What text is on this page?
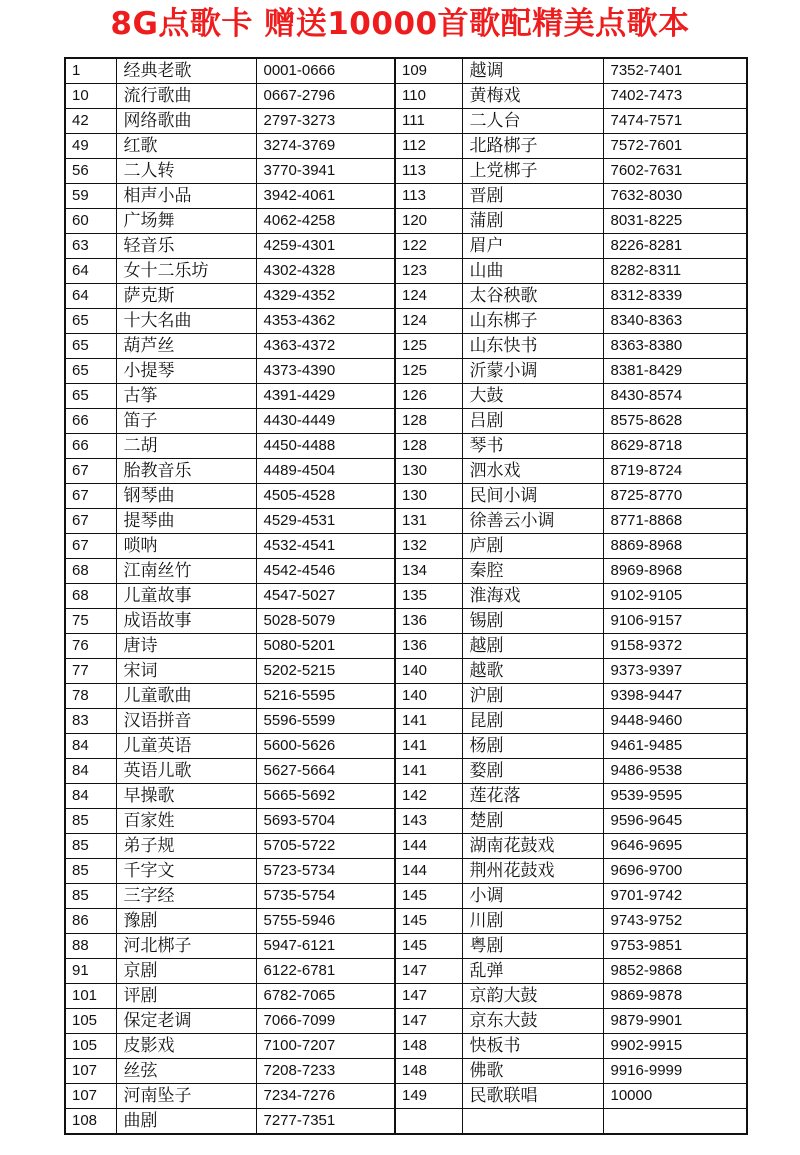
8G点歌卡 赠送10000首歌配精美点歌本
1	经典老歌	0001-0666	109	越调	7352-7401
10	流行歌曲	0667-2796	110	黄梅戏	7402-7473
42	网络歌曲	2797-3273	111	二人台	7474-7571
49	红歌	3274-3769	112	北路梆子	7572-7601
56	二人转	3770-3941	113	上党梆子	7602-7631
59	相声小品	3942-4061	113	晋剧	7632-8030
60	广场舞	4062-4258	120	蒲剧	8031-8225
63	轻音乐	4259-4301	122	眉户	8226-8281
64	女十二乐坊	4302-4328	123	山曲	8282-8311
64	萨克斯	4329-4352	124	太谷秧歌	8312-8339
65	十大名曲	4353-4362	124	山东梆子	8340-8363
65	葫芦丝	4363-4372	125	山东快书	8363-8380
65	小提琴	4373-4390	125	沂蒙小调	8381-8429
65	古筝	4391-4429	126	大鼓	8430-8574
66	笛子	4430-4449	128	吕剧	8575-8628
66	二胡	4450-4488	128	琴书	8629-8718
67	胎教音乐	4489-4504	130	泗水戏	8719-8724
67	钢琴曲	4505-4528	130	民间小调	8725-8770
67	提琴曲	4529-4531	131	徐善云小调	8771-8868
67	唢呐	4532-4541	132	庐剧	8869-8968
68	江南丝竹	4542-4546	134	秦腔	8969-8968
68	儿童故事	4547-5027	135	淮海戏	9102-9105
75	成语故事	5028-5079	136	锡剧	9106-9157
76	唐诗	5080-5201	136	越剧	9158-9372
77	宋词	5202-5215	140	越歌	9373-9397
78	儿童歌曲	5216-5595	140	沪剧	9398-9447
83	汉语拼音	5596-5599	141	昆剧	9448-9460
84	儿童英语	5600-5626	141	杨剧	9461-9485
84	英语儿歌	5627-5664	141	婺剧	9486-9538
84	早操歌	5665-5692	142	莲花落	9539-9595
85	百家姓	5693-5704	143	楚剧	9596-9645
85	弟子规	5705-5722	144	湖南花鼓戏	9646-9695
85	千字文	5723-5734	144	荆州花鼓戏	9696-9700
85	三字经	5735-5754	145	小调	9701-9742
86	豫剧	5755-5946	145	川剧	9743-9752
88	河北梆子	5947-6121	145	粤剧	9753-9851
91	京剧	6122-6781	147	乱弹	9852-9868
101	评剧	6782-7065	147	京韵大鼓	9869-9878
105	保定老调	7066-7099	147	京东大鼓	9879-9901
105	皮影戏	7100-7207	148	快板书	9902-9915
107	丝弦	7208-7233	148	佛歌	9916-9999
107	河南坠子	7234-7276	149	民歌联唱	10000
108	曲剧	7277-7351			
